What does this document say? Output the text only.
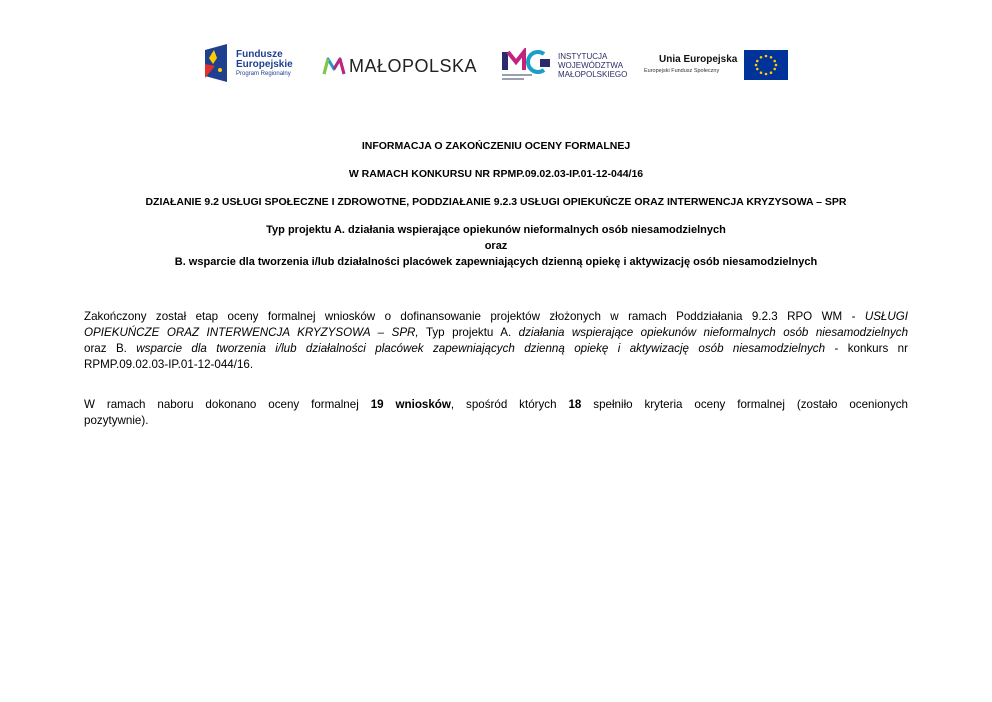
Fundusze
Europejskie
Program Regionalny	MAŁOPOLSKA	INSTYTUCJA
WOJEWÓDZTWA
MAŁOPOLSKIEGO
Unia Europejska
Europejski Fundusz Społeczny
INFORMACJA O ZAKOŃCZENIU OCENY FORMALNEJ
W RAMACH KONKURSU NR RPMP.09.02.03-IP.01-12-044/16
DZIAŁANIE 9.2 USŁUGI SPOŁECZNE I ZDROWOTNE, PODDZIAŁANIE 9.2.3 USŁUGI OPIEKUŃCZE ORAZ INTERWENCJA KRYZYSOWA – SPR
Typ projektu A. działania wspierające opiekunów nieformalnych osób niesamodzielnych
oraz
B. wsparcie dla tworzenia i/lub działalności placówek zapewniających dzienną opiekę i aktywizację osób niesamodzielnych
Zakończony został etap oceny formalnej wniosków o dofinansowanie projektów złożonych w ramach Poddziałania 9.2.3 RPO WM - USŁUGI
OPIEKUŃCZE ORAZ INTERWENCJA KRYZYSOWA – SPR, Typ projektu A. działania wspierające opiekunów nieformalnych osób niesamodzielnych
oraz B. wsparcie dla tworzenia i/lub działalności placówek zapewniających dzienną opiekę i aktywizację osób niesamodzielnych - konkurs nr
RPMP.09.02.03-IP.01-12-044/16.
W ramach naboru dokonano oceny formalnej 19 wniosków, spośród których 18 spełniło kryteria oceny formalnej (zostało ocenionych
pozytywnie).
